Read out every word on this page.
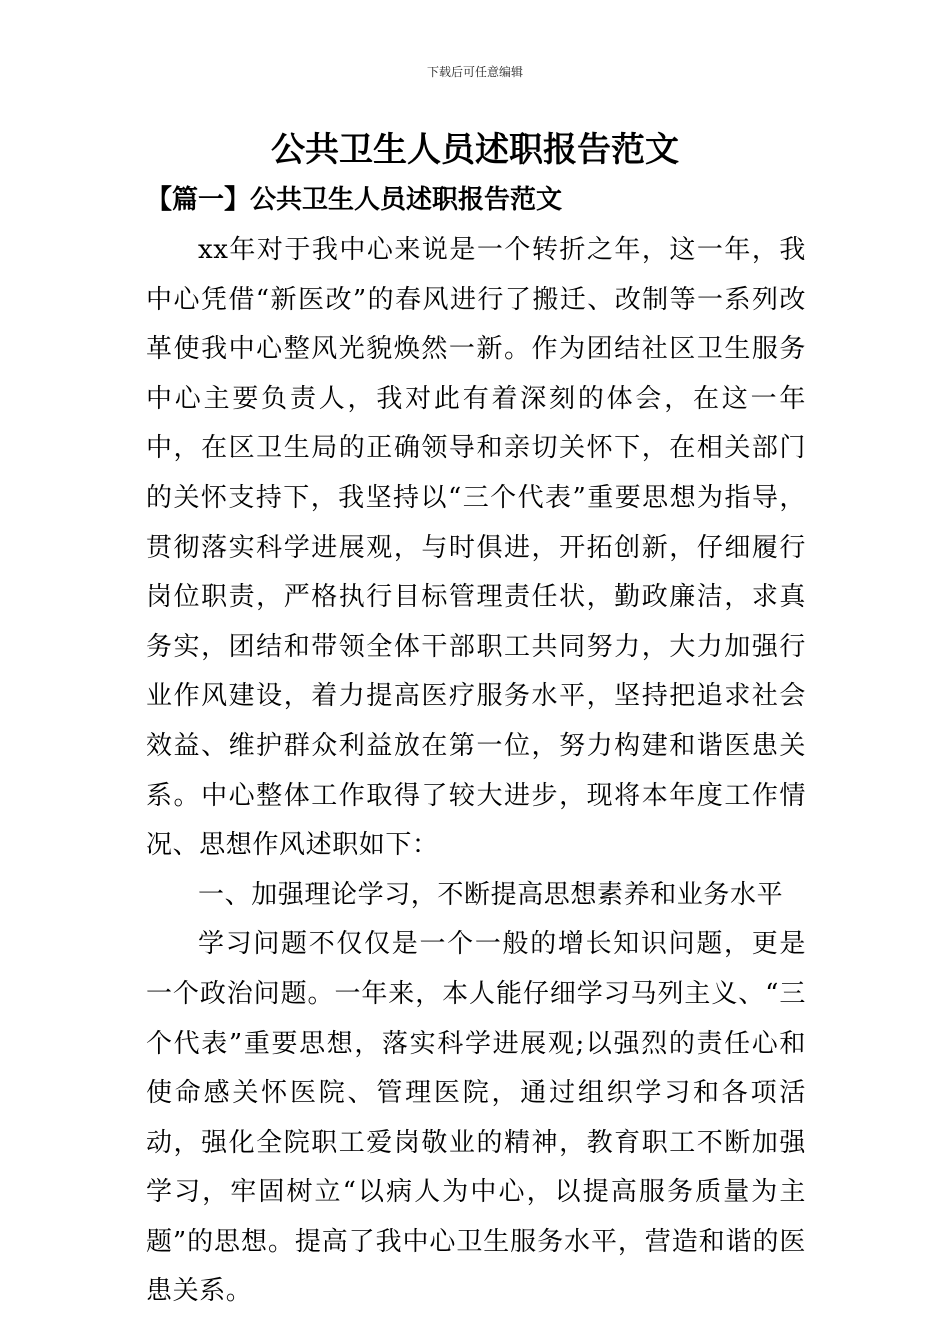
下载后可任意编辑
公共卫生人员述职报告范文
【篇一】公共卫生人员述职报告范文

xx年对于我中心来说是一个转折之年，这一年，我中心凭借“新医改”的春风进行了搬迁、改制等一系列改革使我中心整风光貌焕然一新。作为团结社区卫生服务中心主要负责人，我对此有着深刻的体会，在这一年中，在区卫生局的正确领导和亲切关怀下，在相关部门的关怀支持下，我坚持以“三个代表”重要思想为指导，贯彻落实科学进展观，与时俱进，开拓创新，仔细履行岗位职责，严格执行目标管理责任状，勤政廉洁，求真务实，团结和带领全体干部职工共同努力，大力加强行业作风建设，着力提高医疗服务水平，坚持把追求社会效益、维护群众利益放在第一位，努力构建和谐医患关系。中心整体工作取得了较大进步，现将本年度工作情况、思想作风述职如下：

一、加强理论学习，不断提高思想素养和业务水平

学习问题不仅仅是一个一般的增长知识问题，更是一个政治问题。一年来，本人能仔细学习马列主义、“三个代表”重要思想，落实科学进展观;以强烈的责任心和使命感关怀医院、管理医院，通过组织学习和各项活动，强化全院职工爱岗敬业的精神，教育职工不断加强学习，牢固树立“以病人为中心，以提高服务质量为主题”的思想。提高了我中心卫生服务水平，营造和谐的医患关系。
